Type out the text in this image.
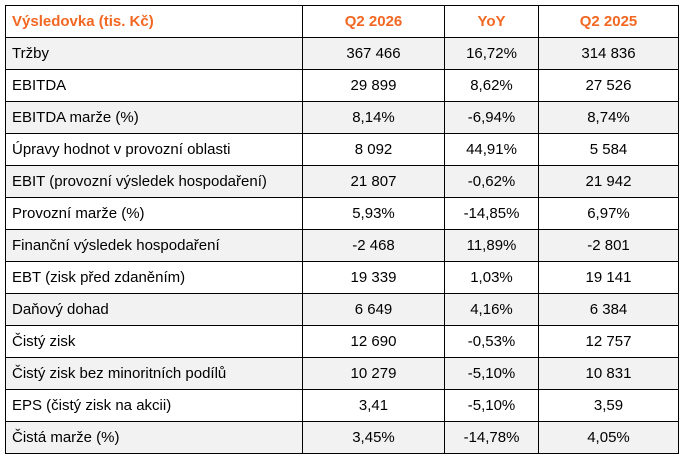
Výsledovka (tis. Kč)	Q2 2026	YoY	Q2 2025
Tržby	367 466	16,72%	314 836
EBITDA	29 899	8,62%	27 526
EBITDA marže (%)	8,14%	-6,94%	8,74%
Úpravy hodnot v provozní oblasti	8 092	44,91%	5 584
EBIT (provozní výsledek hospodaření)	21 807	-0,62%	21 942
Provozní marže (%)	5,93%	-14,85%	6,97%
Finanční výsledek hospodaření	-2 468	11,89%	-2 801
EBT (zisk před zdaněním)	19 339	1,03%	19 141
Daňový dohad	6 649	4,16%	6 384
Čistý zisk	12 690	-0,53%	12 757
Čistý zisk bez minoritních podílů	10 279	-5,10%	10 831
EPS (čistý zisk na akcii)	3,41	-5,10%	3,59
Čistá marže (%)	3,45%	-14,78%	4,05%
